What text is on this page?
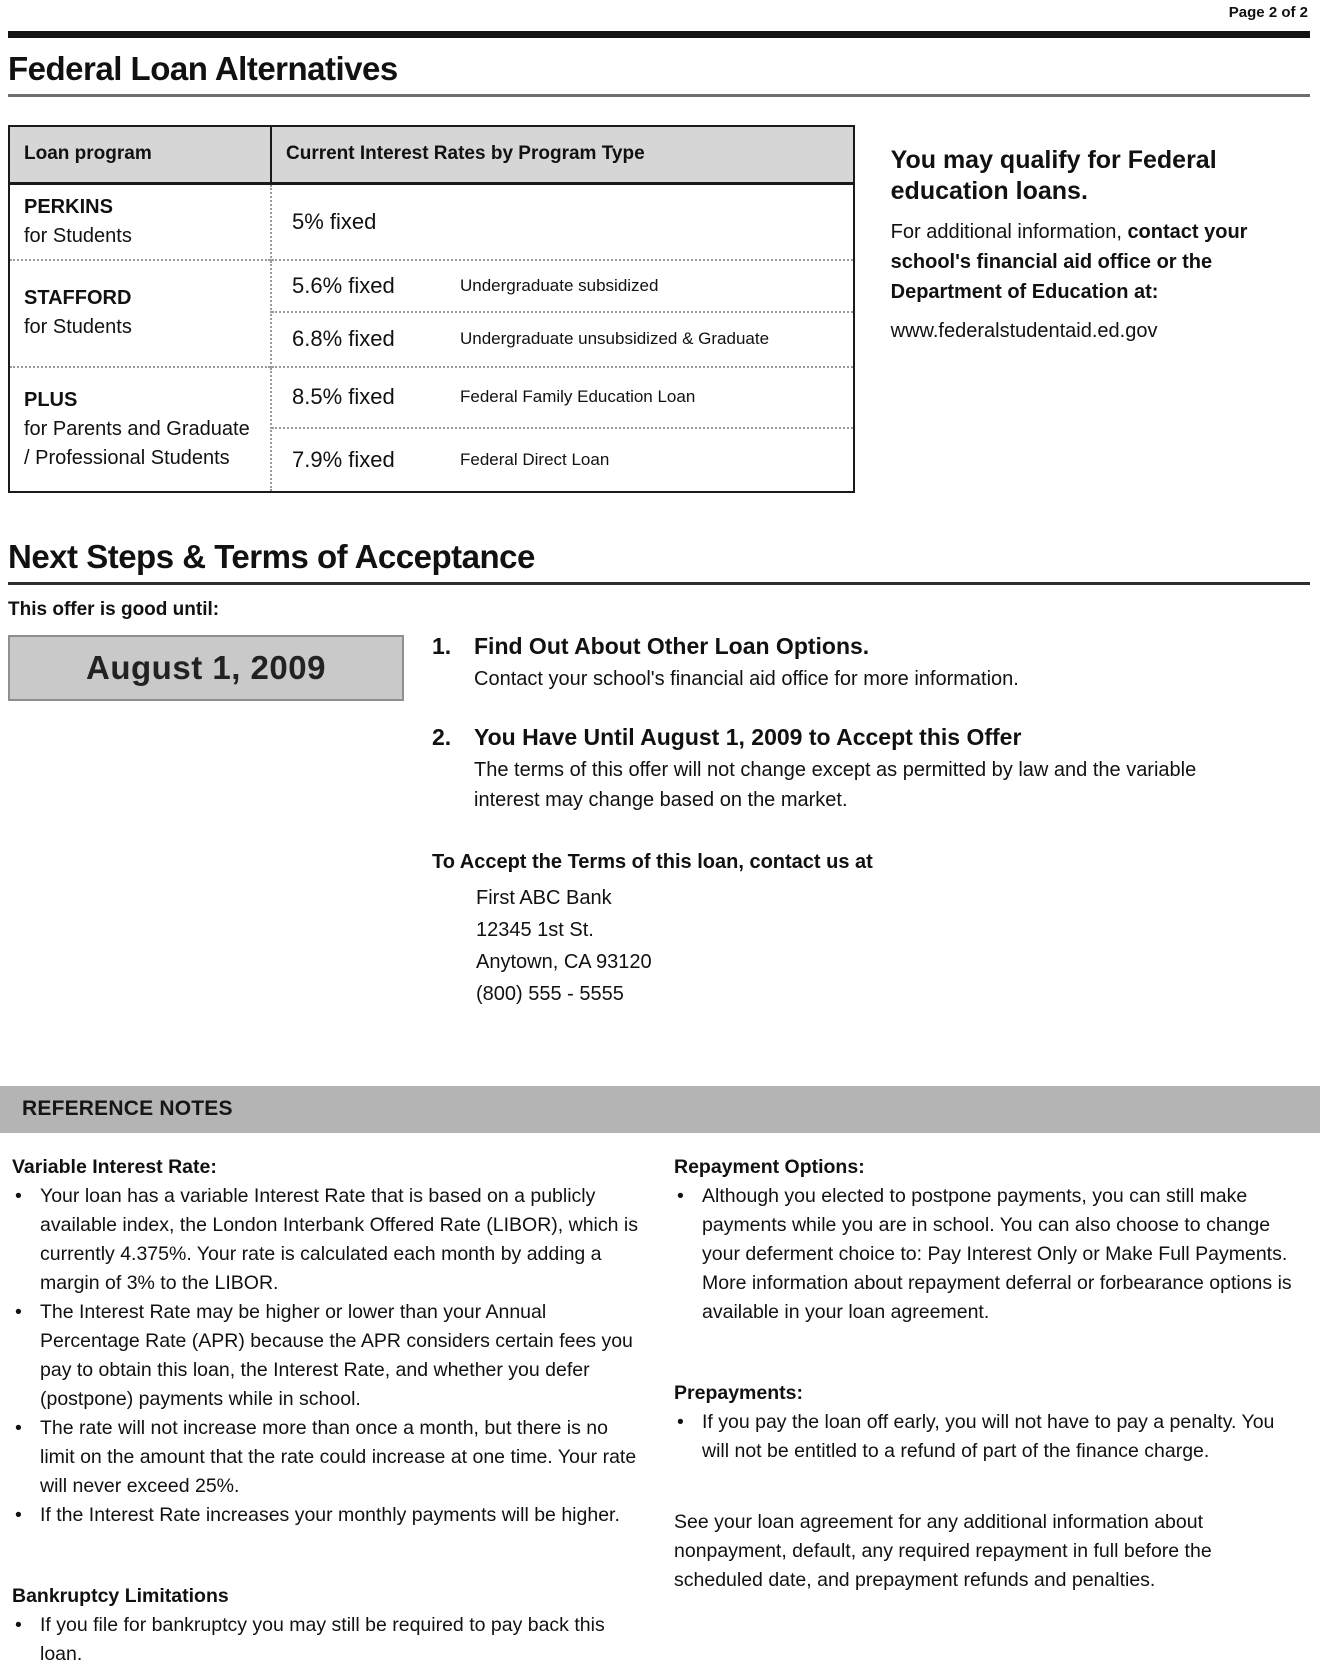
Page 2 of 2
Federal Loan Alternatives
Loan program	Current Interest Rates by Program Type
PERKINS
for Students	5% fixed

STAFFORD
for Students	5.6% fixed Undergraduate subsidized

	6.8% fixed Undergraduate unsubsidized & Graduate

PLUS
for Parents and Graduate / Professional Students	8.5% fixed Federal Family Education Loan

	7.9% fixed Federal Direct Loan
You may qualify for Federal education loans.
For additional information, contact your school's financial aid office or the Department of Education at:
www.federalstudentaid.ed.gov
Next Steps & Terms of Acceptance
This offer is good until:
August 1, 2009
1. Find Out About Other Loan Options.
Contact your school's financial aid office for more information.
2. You Have Until August 1, 2009 to Accept this Offer
The terms of this offer will not change except as permitted by law and the variable interest may change based on the market.
To Accept the Terms of this loan, contact us at
First ABC Bank
12345 1st St.
Anytown, CA 93120
(800) 555 - 5555
REFERENCE NOTES
Variable Interest Rate:
• Your loan has a variable Interest Rate that is based on a publicly available index, the London Interbank Offered Rate (LIBOR), which is currently 4.375%. Your rate is calculated each month by adding a margin of 3% to the LIBOR.
• The Interest Rate may be higher or lower than your Annual Percentage Rate (APR) because the APR considers certain fees you pay to obtain this loan, the Interest Rate, and whether you defer (postpone) payments while in school.
• The rate will not increase more than once a month, but there is no limit on the amount that the rate could increase at one time. Your rate will never exceed 25%.
• If the Interest Rate increases your monthly payments will be higher.
Bankruptcy Limitations
• If you file for bankruptcy you may still be required to pay back this loan.
Repayment Options:
• Although you elected to postpone payments, you can still make payments while you are in school. You can also choose to change your deferment choice to: Pay Interest Only or Make Full Payments. More information about repayment deferral or forbearance options is available in your loan agreement.
Prepayments:
• If you pay the loan off early, you will not have to pay a penalty. You will not be entitled to a refund of part of the finance charge.

See your loan agreement for any additional information about nonpayment, default, any required repayment in full before the scheduled date, and prepayment refunds and penalties.
